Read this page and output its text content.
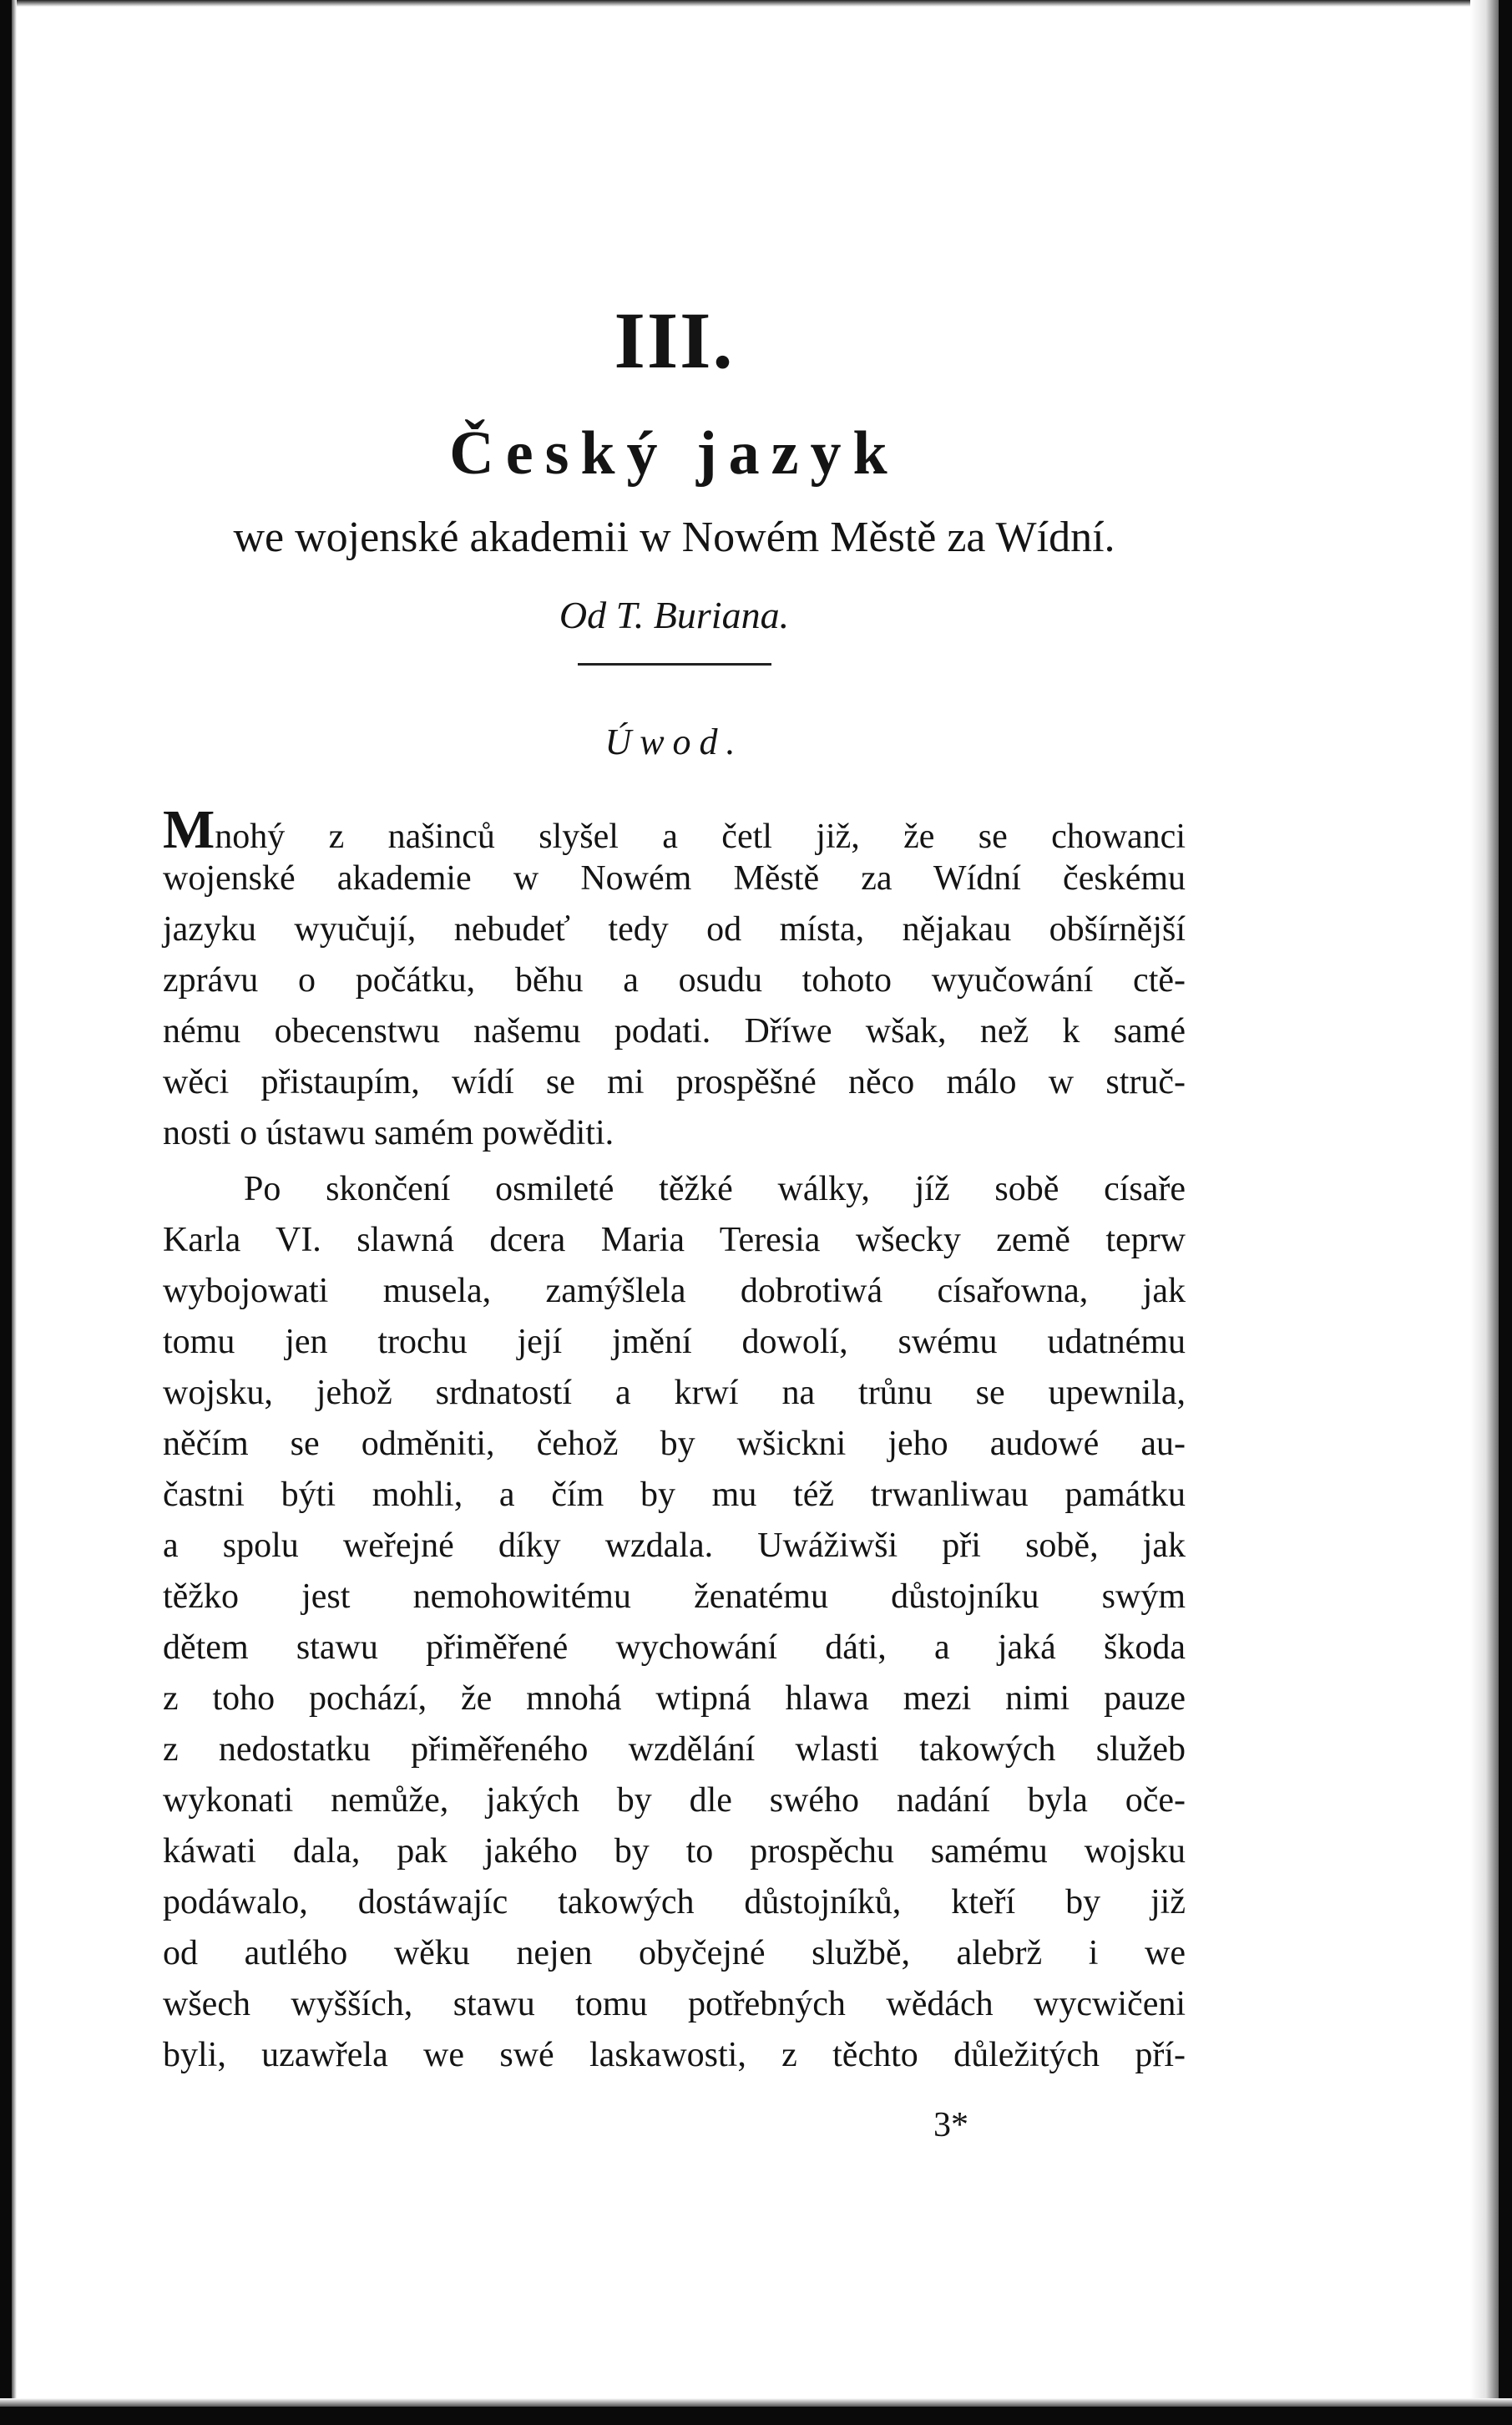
III.
Český jazyk
we wojenské akademii w Nowém Městě za Wídní.
Od T. Buriana.
Úwod.
Mnohý z našinců slyšel a četl již, že se chowanci
wojenské akademie w Nowém Městě za Wídní českému
jazyku wyučují, nebudeť tedy od místa, nějakau obšírnější
zprávu o počátku, běhu a osudu tohoto wyučowání ctě-
nému obecenstwu našemu podati. Dříwe wšak, než k samé
wěci přistaupím, wídí se mi prospěšné něco málo w struč-
nosti o ústawu samém powěditi.
Po skončení osmileté těžké wálky, jíž sobě císaře
Karla VI. slawná dcera Maria Teresia wšecky země teprw
wybojowati musela, zamýšlela dobrotiwá císařowna, jak
tomu jen trochu její jmění dowolí, swému udatnému
wojsku, jehož srdnatostí a krwí na trůnu se upewnila,
něčím se odměniti, čehož by wšickni jeho audowé au-
častni býti mohli, a čím by mu též trwanliwau památku
a spolu weřejné díky wzdala. Uwážiwši při sobě, jak
těžko jest nemohowitému ženatému důstojníku swým
dětem stawu přiměřené wychowání dáti, a jaká škoda
z toho pochází, že mnohá wtipná hlawa mezi nimi pauze
z nedostatku přiměřeného wzdělání wlasti takowých služeb
wykonati nemůže, jakých by dle swého nadání byla oče-
káwati dala, pak jakého by to prospěchu samému wojsku
podáwalo, dostáwajíc takowých důstojníků, kteří by již
od autlého wěku nejen obyčejné službě, alebrž i we
wšech wyšších, stawu tomu potřebných wědách wycwičeni
byli, uzawřela we swé laskawosti, z těchto důležitých pří-
3*
